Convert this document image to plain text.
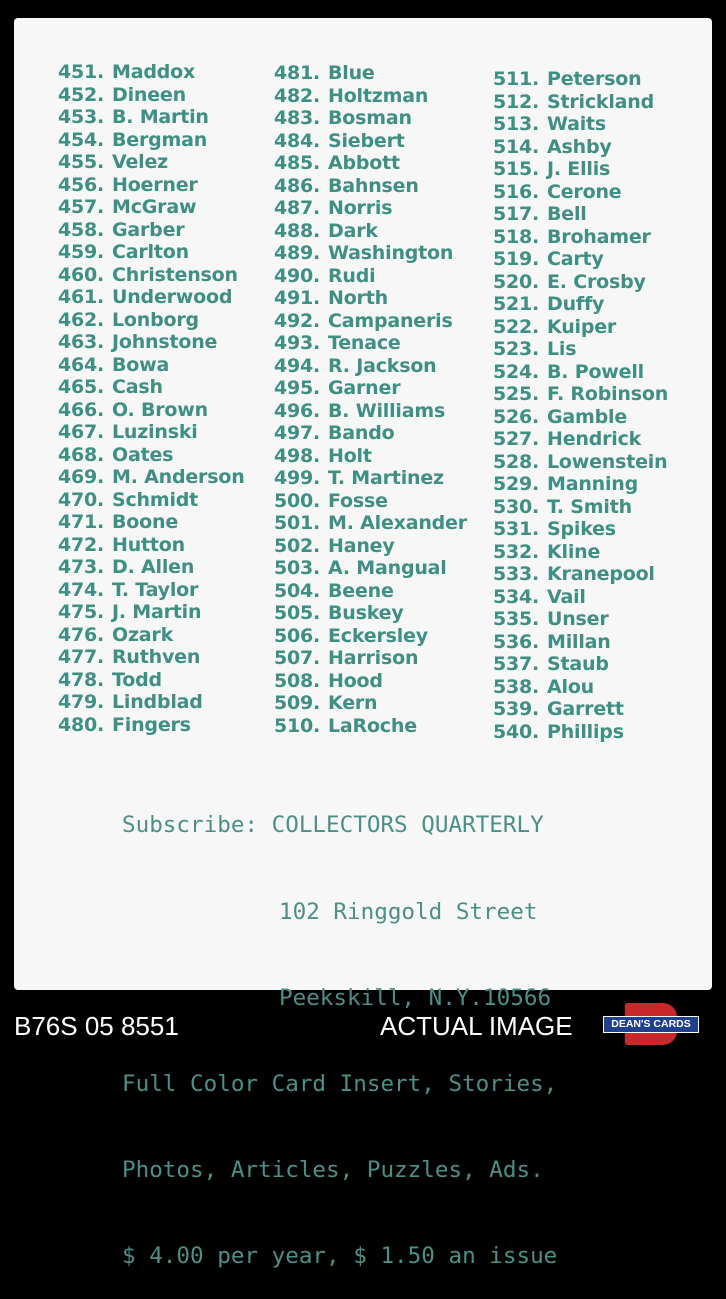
451. Maddox
452. Dineen
453. B. Martin
454. Bergman
455. Velez
456. Hoerner
457. McGraw
458. Garber
459. Carlton
460. Christenson
461. Underwood
462. Lonborg
463. Johnstone
464. Bowa
465. Cash
466. O. Brown
467. Luzinski
468. Oates
469. M. Anderson
470. Schmidt
471. Boone
472. Hutton
473. D. Allen
474. T. Taylor
475. J. Martin
476. Ozark
477. Ruthven
478. Todd
479. Lindblad
480. Fingers
481. Blue
482. Holtzman
483. Bosman
484. Siebert
485. Abbott
486. Bahnsen
487. Norris
488. Dark
489. Washington
490. Rudi
491. North
492. Campaneris
493. Tenace
494. R. Jackson
495. Garner
496. B. Williams
497. Bando
498. Holt
499. T. Martinez
500. Fosse
501. M. Alexander
502. Haney
503. A. Mangual
504. Beene
505. Buskey
506. Eckersley
507. Harrison
508. Hood
509. Kern
510. LaRoche
511. Peterson
512. Strickland
513. Waits
514. Ashby
515. J. Ellis
516. Cerone
517. Bell
518. Brohamer
519. Carty
520. E. Crosby
521. Duffy
522. Kuiper
523. Lis
524. B. Powell
525. F. Robinson
526. Gamble
527. Hendrick
528. Lowenstein
529. Manning
530. T. Smith
531. Spikes
532. Kline
533. Kranepool
534. Vail
535. Unser
536. Millan
537. Staub
538. Alou
539. Garrett
540. Phillips

Subscribe: COLLECTORS QUARTERLY

102 Ringgold Street

Peekskill, N.Y.10566

Full Color Card Insert, Stories,

Photos, Articles, Puzzles, Ads.

$ 4.00 per year, $ 1.50 an issue

B76S 05 8551	ACTUAL IMAGE	DEAN'S CARDS
